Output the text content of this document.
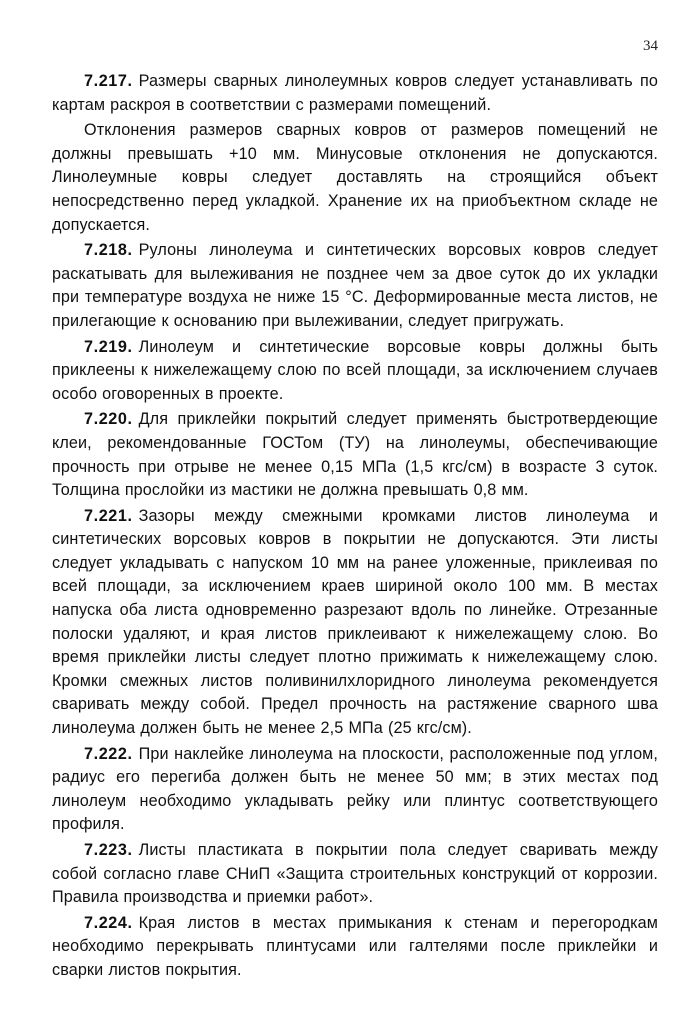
34

7.217. Размеры сварных линолеумных ковров следует устанавливать по картам раскроя в соответствии с размерами помещений.

Отклонения размеров сварных ковров от размеров помещений не должны превышать +10 мм. Минусовые отклонения не допускаются. Линолеумные ковры следует доставлять на строящийся объект непосредственно перед укладкой. Хранение их на приобъектном складе не допускается.

7.218. Рулоны линолеума и синтетических ворсовых ковров следует раскатывать для вылеживания не позднее чем за двое суток до их укладки при температуре воздуха не ниже 15 °С. Деформированные места листов, не прилегающие к основанию при вылеживании, следует пригружать.

7.219. Линолеум и синтетические ворсовые ковры должны быть приклеены к нижележащему слою по всей площади, за исключением случаев особо оговоренных в проекте.

7.220. Для приклейки покрытий следует применять быстротвердеющие клеи, рекомендованные ГОСТом (ТУ) на линолеумы, обеспечивающие прочность при отрыве не менее 0,15 МПа (1,5 кгс/см) в возрасте 3 суток. Толщина прослойки из мастики не должна превышать 0,8 мм.

7.221. Зазоры между смежными кромками листов линолеума и синтетических ворсовых ковров в покрытии не допускаются. Эти листы следует укладывать с напуском 10 мм на ранее уложенные, приклеивая по всей площади, за исключением краев шириной около 100 мм. В местах напуска оба листа одновременно разрезают вдоль по линейке. Отрезанные полоски удаляют, и края листов приклеивают к нижележащему слою. Во время приклейки листы следует плотно прижимать к нижележащему слою. Кромки смежных листов поливинилхлоридного линолеума рекомендуется сваривать между собой. Предел прочность на растяжение сварного шва линолеума должен быть не менее 2,5 МПа (25 кгс/см).

7.222. При наклейке линолеума на плоскости, расположенные под углом, радиус его перегиба должен быть не менее 50 мм; в этих местах под линолеум необходимо укладывать рейку или плинтус соответствующего профиля.

7.223. Листы пластиката в покрытии пола следует сваривать между собой согласно главе СНиП «Защита строительных конструкций от коррозии. Правила производства и приемки работ».

7.224. Края листов в местах примыкания к стенам и перегородкам необходимо перекрывать плинтусами или галтелями после приклейки и сварки листов покрытия.
